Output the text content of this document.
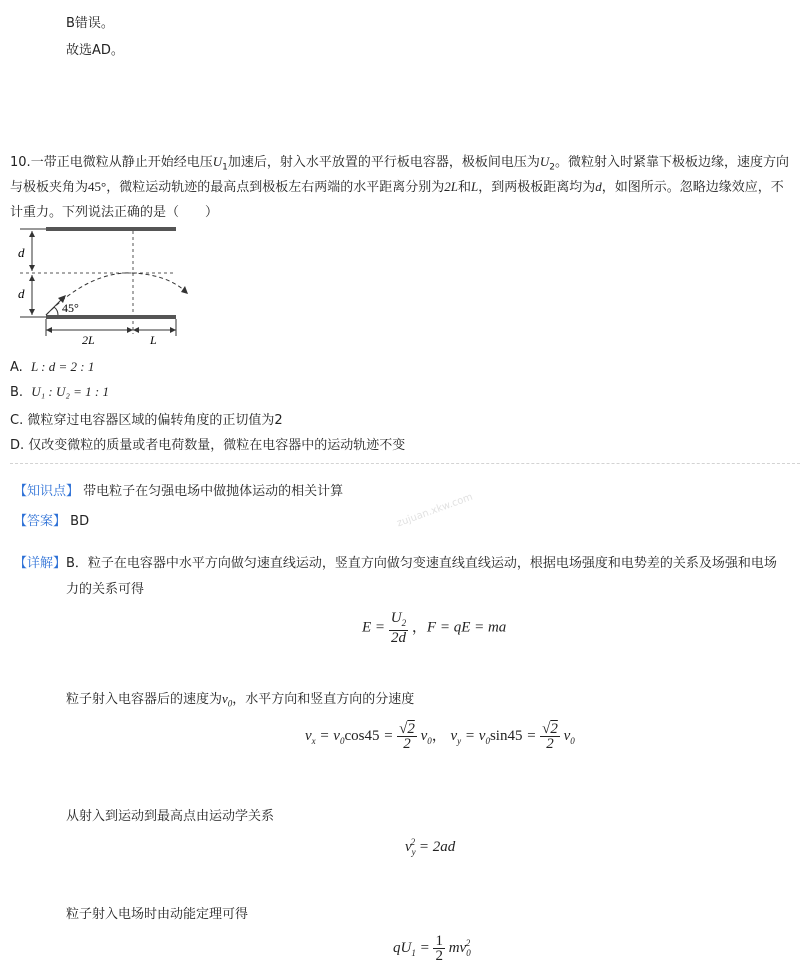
B错误。
故选AD。
10.一带正电微粒从静止开始经电压$U_1$加速后，射入水平放置的平行板电容器，极板间电压为$U_2$。微粒射入时紧靠下极板边缘，速度方向
与极板夹角为45°，微粒运动轨迹的最高点到极板左右两端的水平距离分别为2L和L，到两极板距离均为d，如图所示。忽略边缘效应，不
计重力。下列说法正确的是（　　）
d
d
45°
2L	L
A. L : d = 2 : 1
B. U₁ : U₂ = 1 : 1
C. 微粒穿过电容器区域的偏转角度的正切值为2
D. 仅改变微粒的质量或者电荷数量，微粒在电容器中的运动轨迹不变
【知识点】 带电粒子在匀强电场中做抛体运动的相关计算
【答案】 BD	zujuan.xkw.com
【详解】B．粒子在电容器中水平方向做匀速直线运动，竖直方向做匀变速直线直线运动，根据电场强度和电势差的关系及场强和电场
力的关系可得
$E = \frac{U_2}{2d}$ ，F = qE = ma
粒子射入电容器后的速度为$v_0$，水平方向和竖直方向的分速度
$v_x = v_0\cos 45 = \frac{√2}{2} v_0$， $v_y = v_0\sin 45 = \frac{√2}{2} v_0$
从射入到运动到最高点由运动学关系
$v_y^2 = 2ad$
粒子射入电场时由动能定理可得
$qU_1 = \frac{1}{2} mv_0^2$
